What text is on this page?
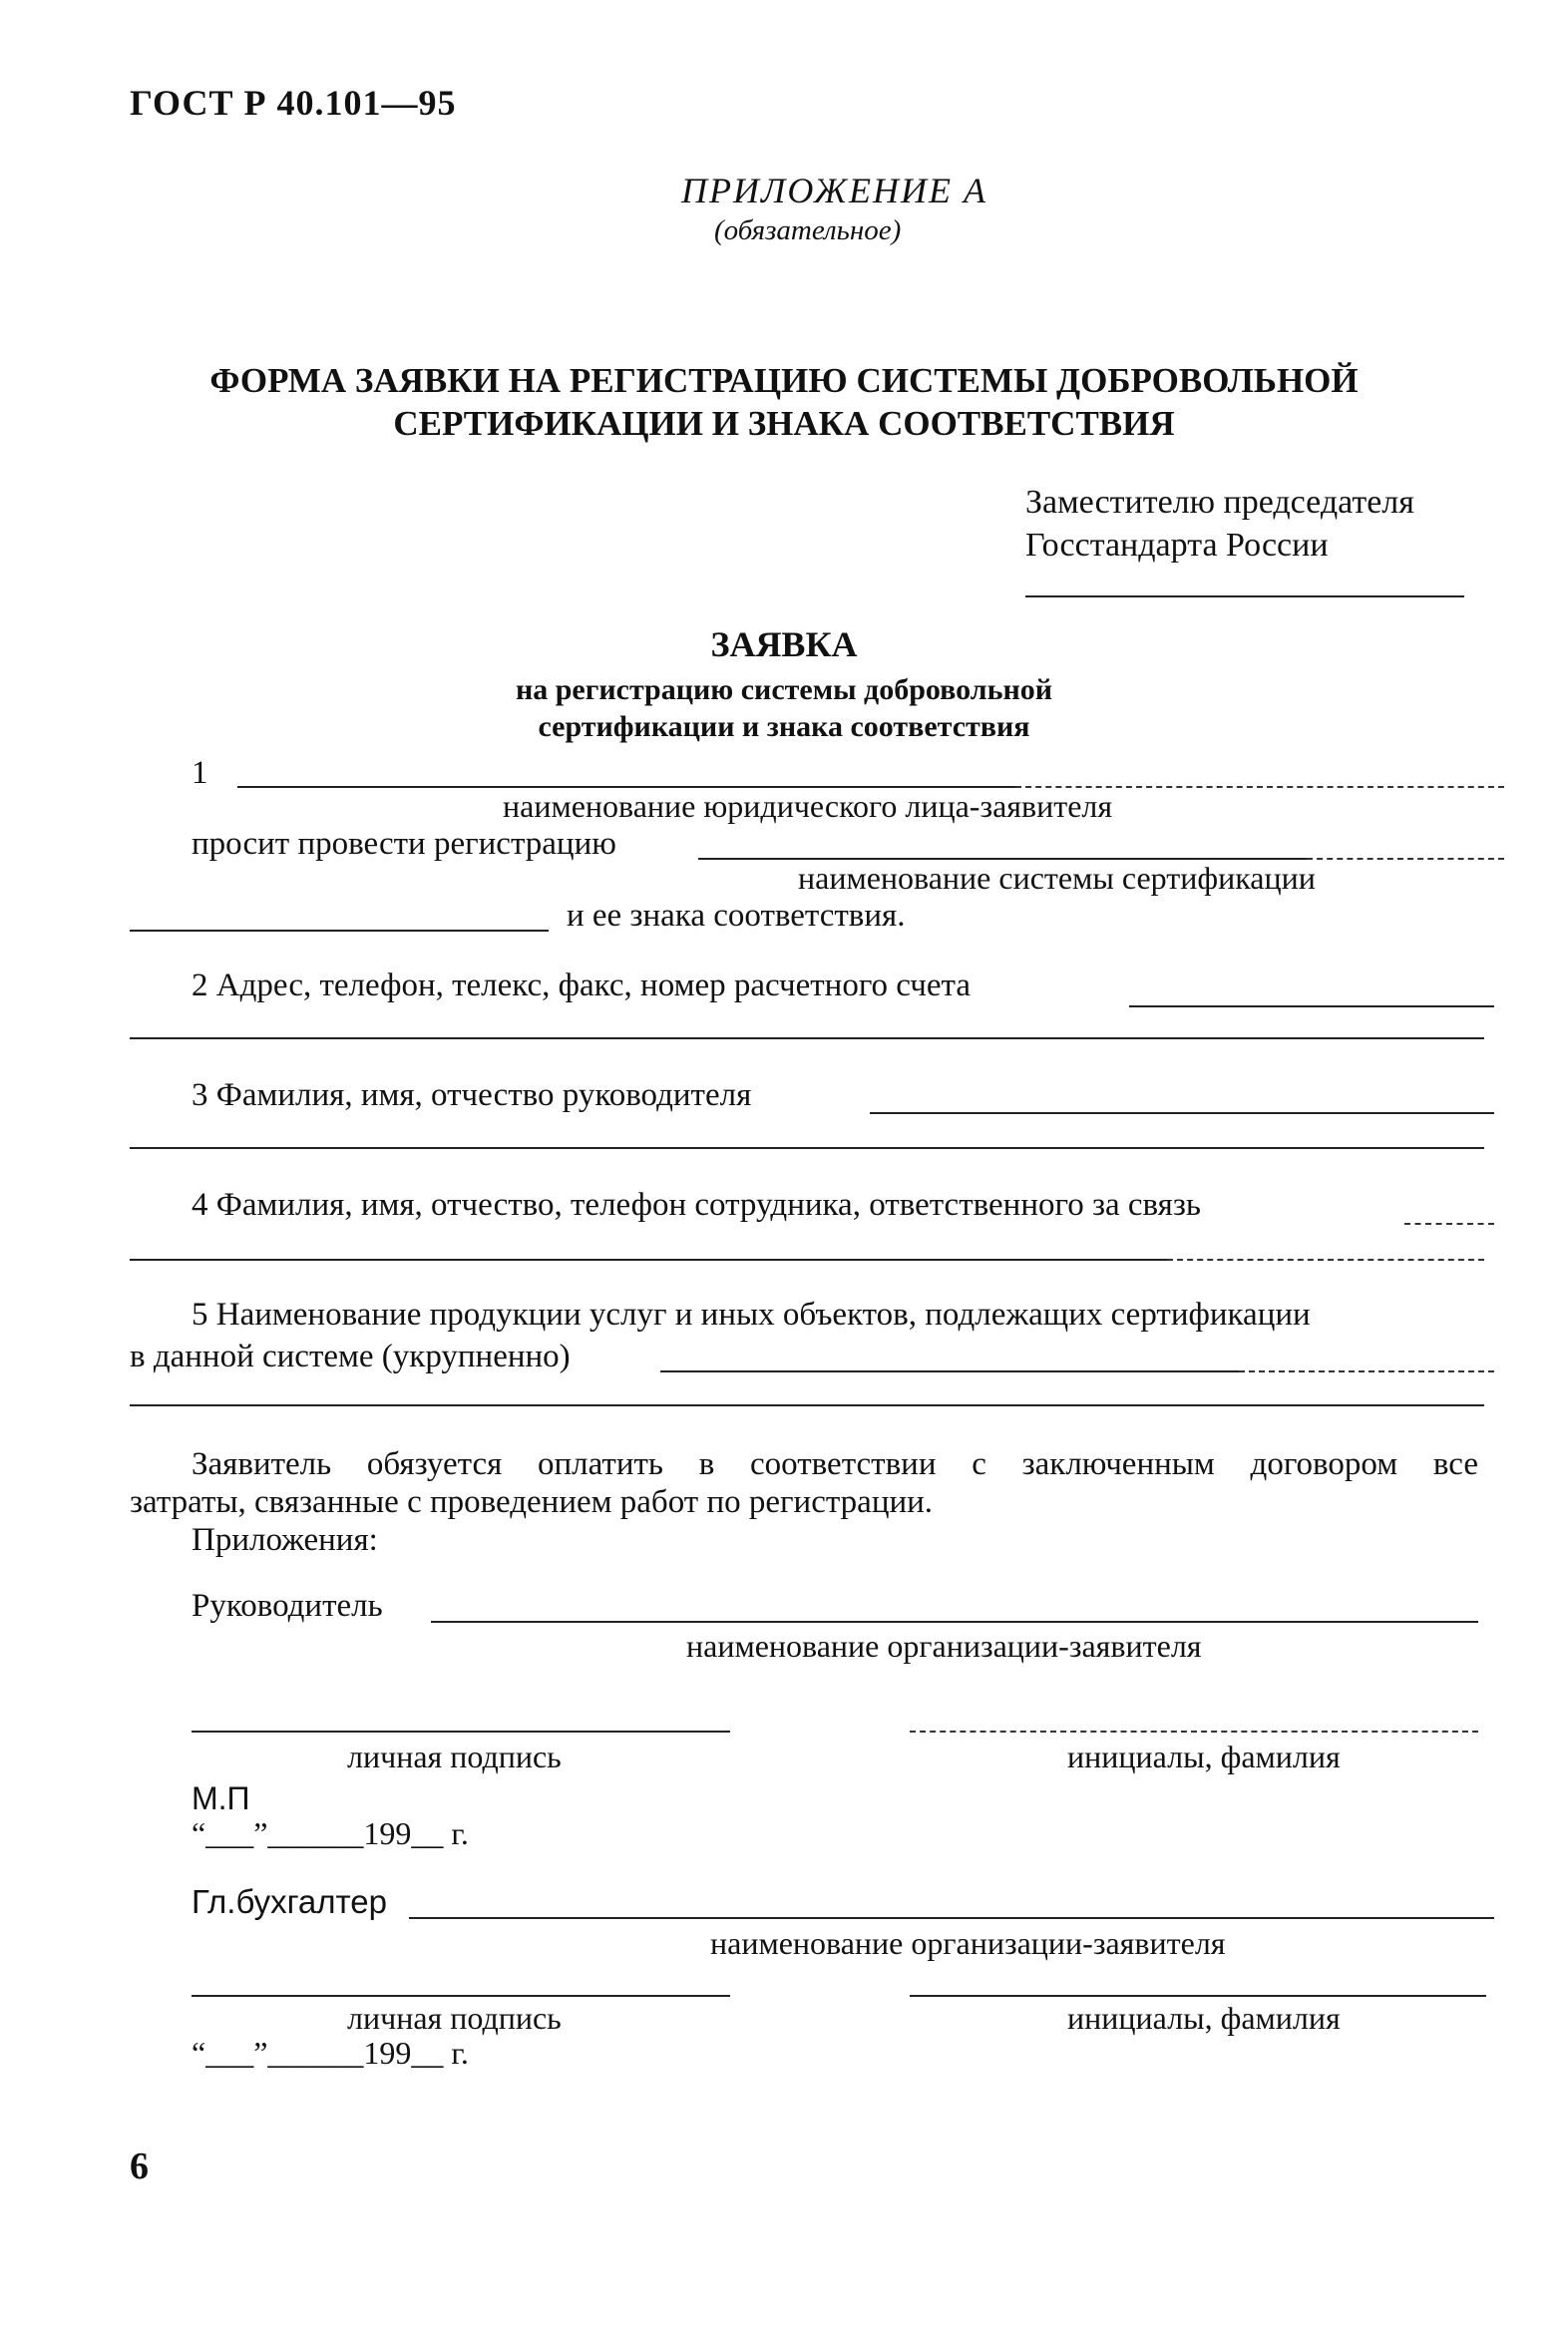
ГОСТ Р 40.101—95
ПРИЛОЖЕНИЕ А
(обязательное)
ФОРМА ЗАЯВКИ НА РЕГИСТРАЦИЮ СИСТЕМЫ ДОБРОВОЛЬНОЙ
СЕРТИФИКАЦИИ И ЗНАКА СООТВЕТСТВИЯ
Заместителю председателя
Госстандарта России
ЗАЯВКА
на регистрацию системы добровольной
сертификации и знака соответствия
1
наименование юридического лица-заявителя
просит провести регистрацию
наименование системы сертификации
и ее знака соответствия.
2 Адрес, телефон, телекс, факс, номер расчетного счета
3 Фамилия, имя, отчество руководителя
4 Фамилия, имя, отчество, телефон сотрудника, ответственного за связь
5 Наименование продукции услуг и иных объектов, подлежащих сертификации
в данной системе (укрупненно)
Заявитель обязуется оплатить в соответствии с заключенным договором все
затраты, связанные с проведением работ по регистрации.
Приложения:
Руководитель
наименование организации-заявителя
личная подпись	инициалы, фамилия
М.П
“___”______199__ г.
Гл.бухгалтер
наименование организации-заявителя
личная подпись	инициалы, фамилия
“___”______199__ г.
6
